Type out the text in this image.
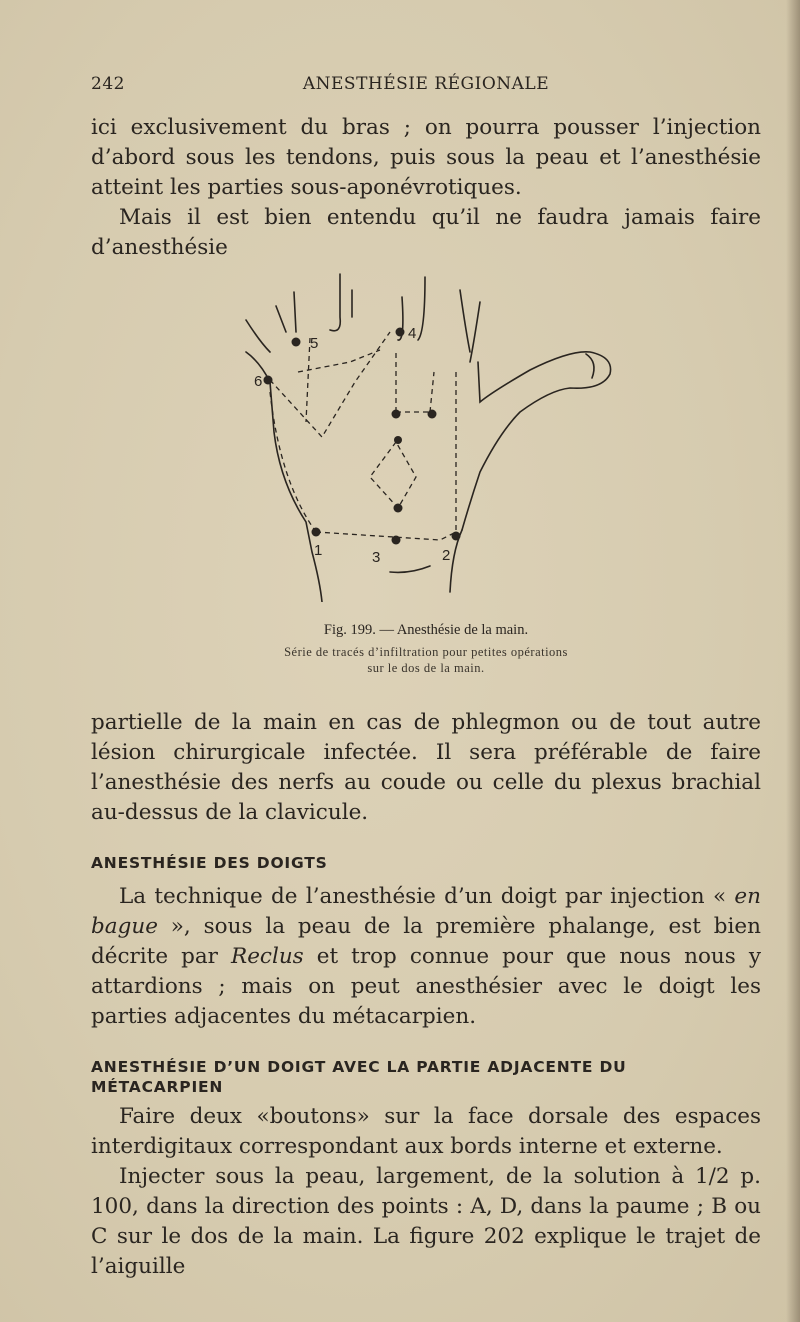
242	ANESTHÉSIE RÉGIONALE

ici exclusivement du bras ; on pourra pousser l’injection d’abord sous les tendons, puis sous la peau et l’anesthésie atteint les parties sous-aponévrotiques.

Mais il est bien entendu qu’il ne faudra jamais faire d’anesthésie

1	2
3
4
5
6
Fig. 199. — Anesthésie de la main.
Série de tracés d’infiltration pour petites opérations
sur le dos de la main.

partielle de la main en cas de phlegmon ou de tout autre lésion chirurgicale infectée. Il sera préférable de faire l’anesthésie des nerfs au coude ou celle du plexus brachial au-dessus de la clavicule.

ANESTHÉSIE DES DOIGTS

La technique de l’anesthésie d’un doigt par injection « en bague », sous la peau de la première phalange, est bien décrite par Reclus et trop connue pour que nous nous y attardions ; mais on peut anesthésier avec le doigt les parties adjacentes du métacarpien.

ANESTHÉSIE D’UN DOIGT AVEC LA PARTIE ADJACENTE DU MÉTACARPIEN

Faire deux «boutons» sur la face dorsale des espaces interdigitaux correspondant aux bords interne et externe.

Injecter sous la peau, largement, de la solution à 1/2 p. 100, dans la direction des points : A, D, dans la paume ; B ou C sur le dos de la main. La figure 202 explique le trajet de l’aiguille
